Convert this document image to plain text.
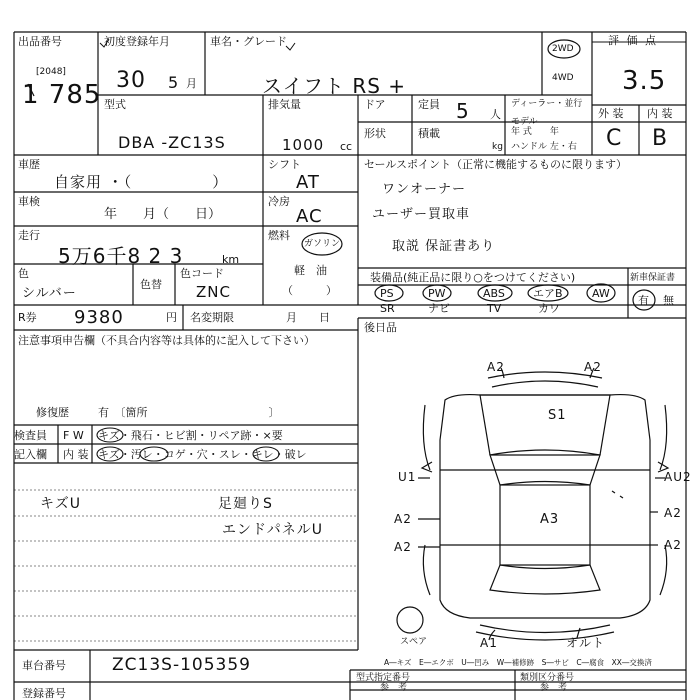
出品番号
[2048]
1 785
初度登録年月
30 5 月
車名・グレード
スイフト RS +
2WD
4WD
評 価 点
3.5
外 装 内 装
C B
型式
DBA -ZC13S
排気量
1000 cc
ドア	定員 5 人
ディーラー・並行
モデル
年 式　　年
形状	積載
kg ハンドル 左・右
車歴
自家用 ・（　　　　　）
車検
年　　月（　　日）
走行
5万6千8 2 3	km
色
シルバー
色替
色コード
ZNC
シフト
AT
冷房
AC
燃料
ガソリン
軽　油
（　　　）
R券 9380	円 名変期限	月　　日
セールスポイント（正常に機能するものに限ります）
ワンオーナー
ユーザー買取車
取説 保証書あり
装備品(純正品に限り○をつけてください)
PS	PW	ABS	エアB	AW
SR	ナビ	TV	カワ
新車保証書
有 無
後日品
注意事項申告欄（不具合内容等は具体的に記入して下さい）
修復歴	有　〔箇所　　　　　　　　　　　〕
検査員
記入欄
F W
内 装
キズ・飛石・ヒビ割・リペア跡・×要
キズ・汚レ・コゲ・穴・スレ・キレ・破レ
キズU	足廻りS
エンドパネルU
A2	A2
S1
U1	AU2
A2	A2
A3
A2	A2
A1	オルト
スペア
A―キズ　E―エクボ　U―凹み　W―補修跡　S―サビ　C―腐食　XX―交換済
車台番号	ZC13S-105359
登録番号
型式指定番号
参　考
類別区分番号
参　考
